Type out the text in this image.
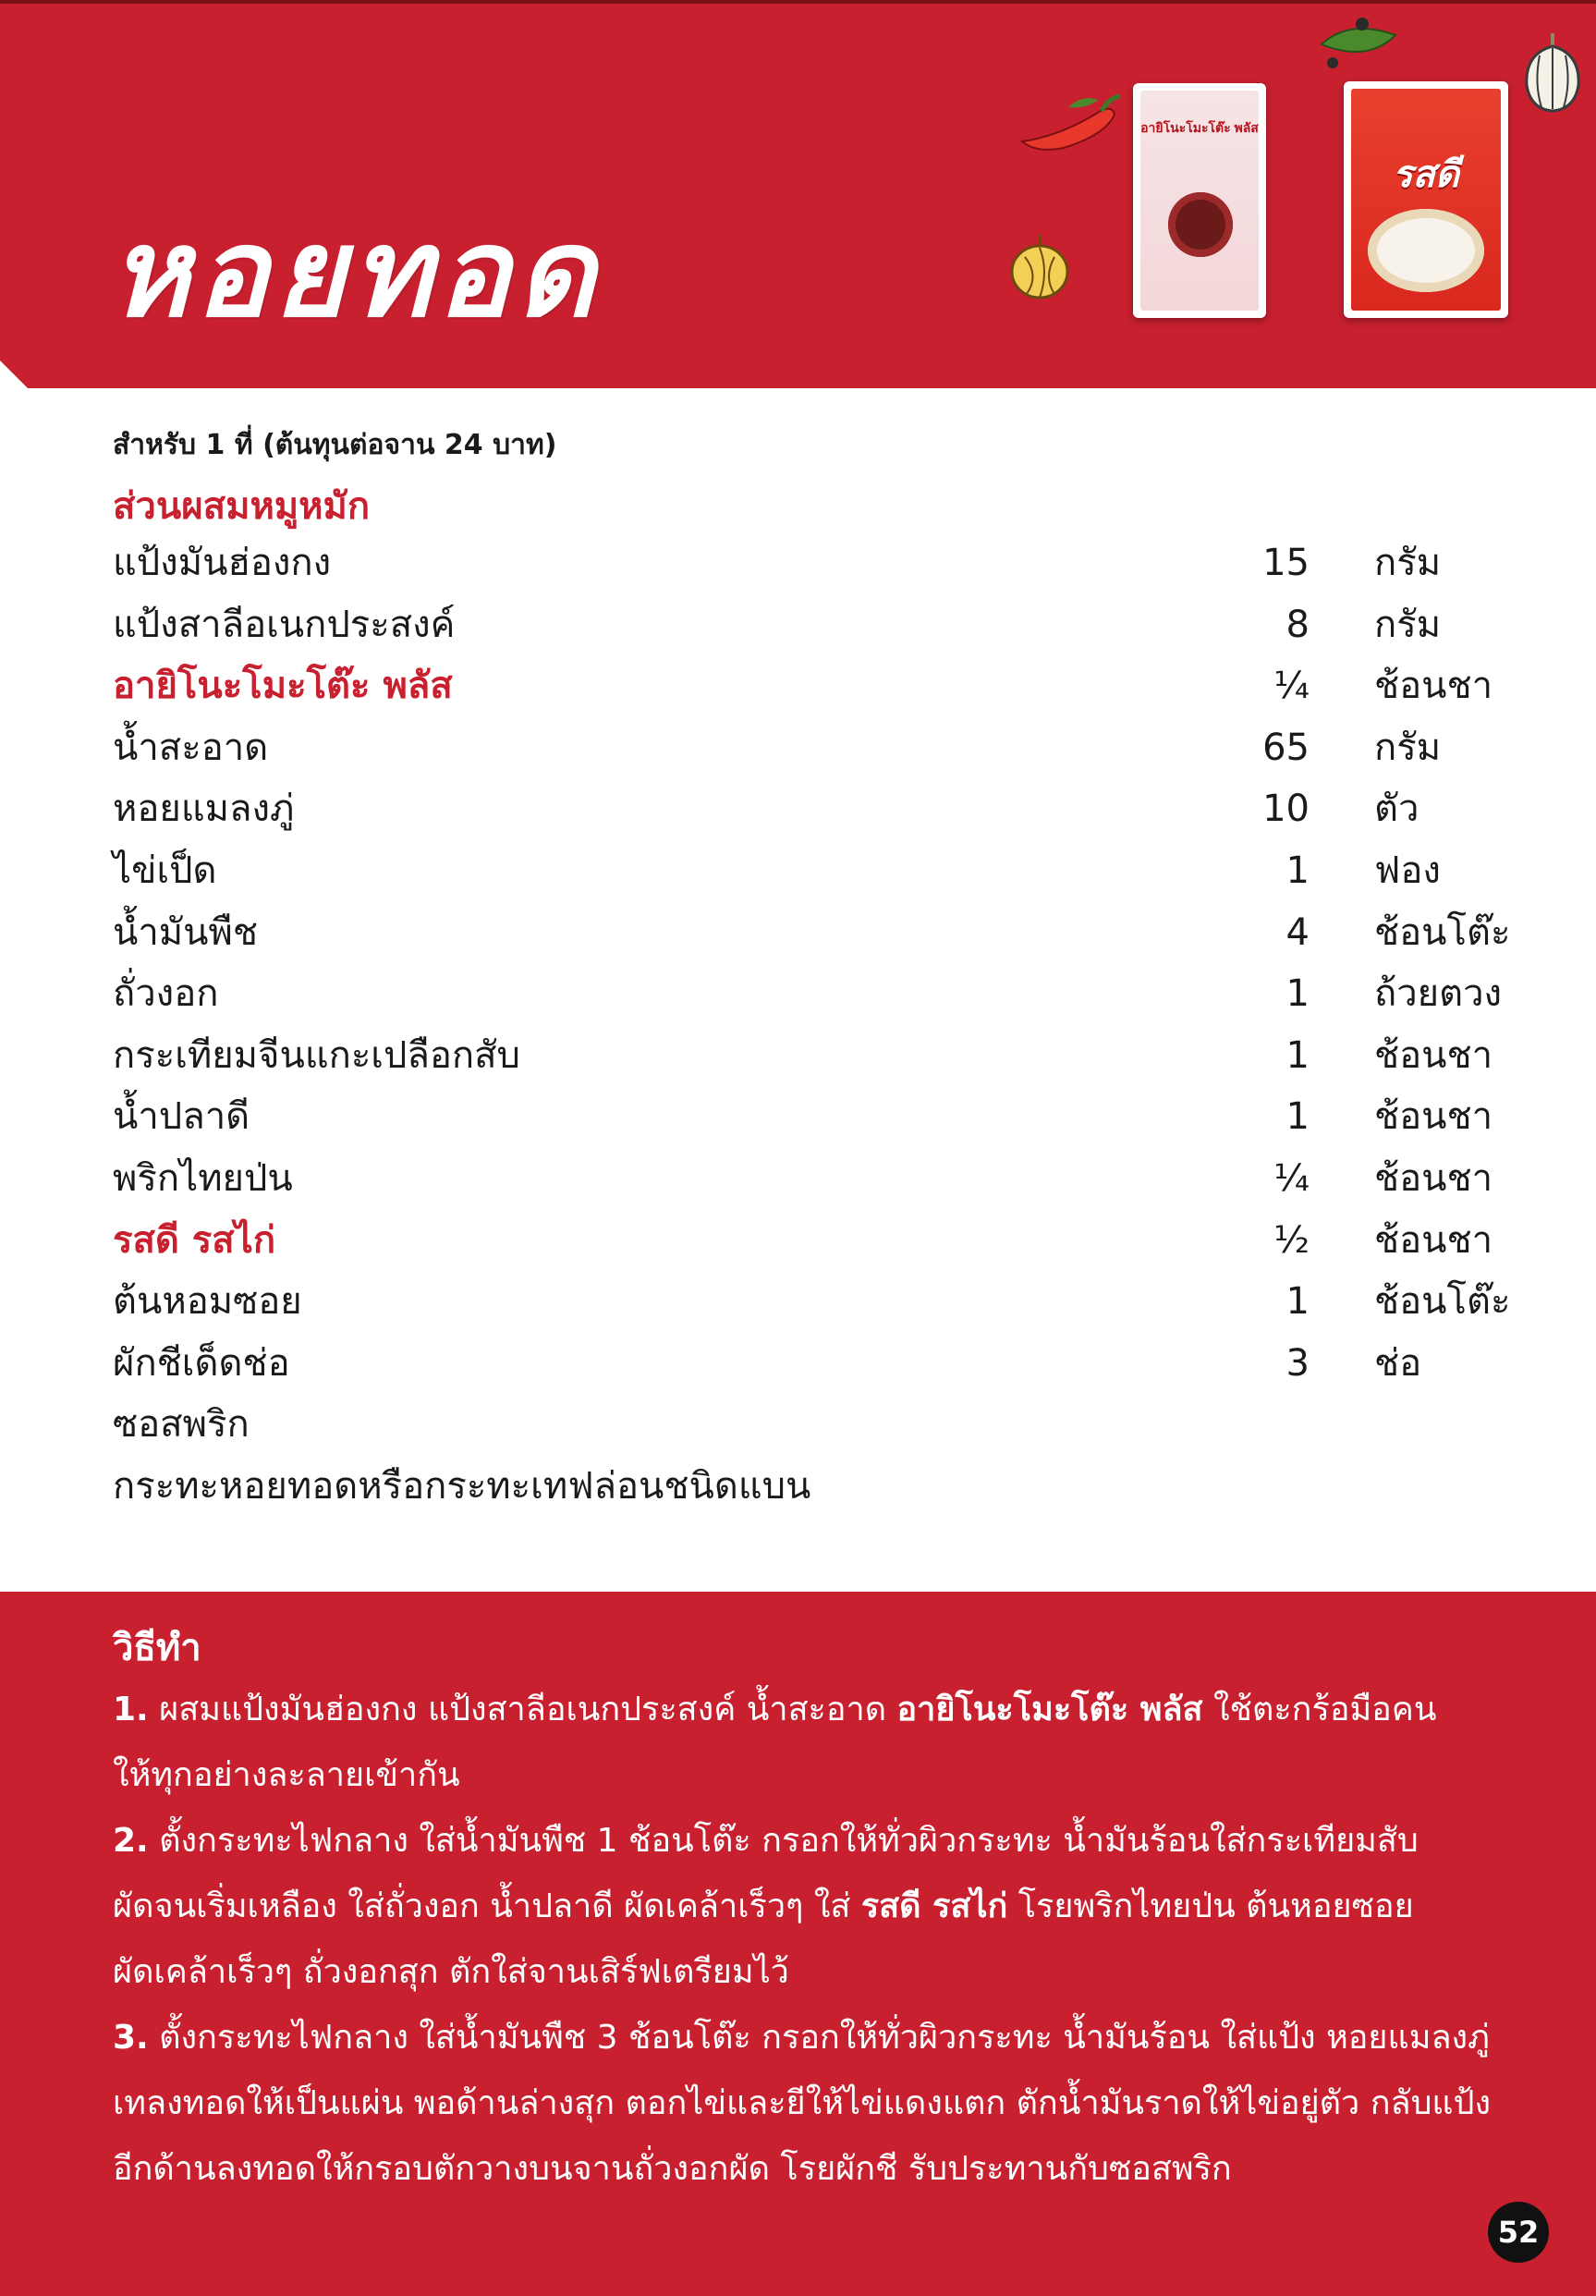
หอยทอด
อายิโนะโมะโต๊ะ พลัส
รสดี
สำหรับ 1 ที่ (ต้นทุนต่อจาน 24 บาท)
ส่วนผสมหมูหมัก
แป้งมันฮ่องกง	15 กรัม
แป้งสาลีอเนกประสงค์	8 กรัม
อายิโนะโมะโต๊ะ พลัส	¼ ช้อนชา
น้ำสะอาด	65 กรัม
หอยแมลงภู่	10 ตัว
ไข่เป็ด	1 ฟอง
น้ำมันพืช	4 ช้อนโต๊ะ
ถั่วงอก	1 ถ้วยตวง
กระเทียมจีนแกะเปลือกสับ	1 ช้อนชา
น้ำปลาดี	1 ช้อนชา
พริกไทยป่น	¼ ช้อนชา
รสดี รสไก่	½ ช้อนชา
ต้นหอมซอย	1 ช้อนโต๊ะ
ผักชีเด็ดช่อ	3 ช่อ
ซอสพริก
กระทะหอยทอดหรือกระทะเทฟล่อนชนิดแบน
วิธีทำ

1. ผสมแป้งมันฮ่องกง แป้งสาลีอเนกประสงค์ น้ำสะอาด อายิโนะโมะโต๊ะ พลัส ใช้ตะกร้อมือคน
ให้ทุกอย่างละลายเข้ากัน

2. ตั้งกระทะไฟกลาง ใส่น้ำมันพืช 1 ช้อนโต๊ะ กรอกให้ทั่วผิวกระทะ น้ำมันร้อนใส่กระเทียมสับ
ผัดจนเริ่มเหลือง ใส่ถั่วงอก น้ำปลาดี ผัดเคล้าเร็วๆ ใส่ รสดี รสไก่ โรยพริกไทยป่น ต้นหอยซอย
ผัดเคล้าเร็วๆ ถั่วงอกสุก ตักใส่จานเสิร์ฟเตรียมไว้

3. ตั้งกระทะไฟกลาง ใส่น้ำมันพืช 3 ช้อนโต๊ะ กรอกให้ทั่วผิวกระทะ น้ำมันร้อน ใส่แป้ง หอยแมลงภู่
เทลงทอดให้เป็นแผ่น พอด้านล่างสุก ตอกไข่และยีให้ไข่แดงแตก ตักน้ำมันราดให้ไข่อยู่ตัว กลับแป้ง
อีกด้านลงทอดให้กรอบตักวางบนจานถั่วงอกผัด โรยผักชี รับประทานกับซอสพริก

52
